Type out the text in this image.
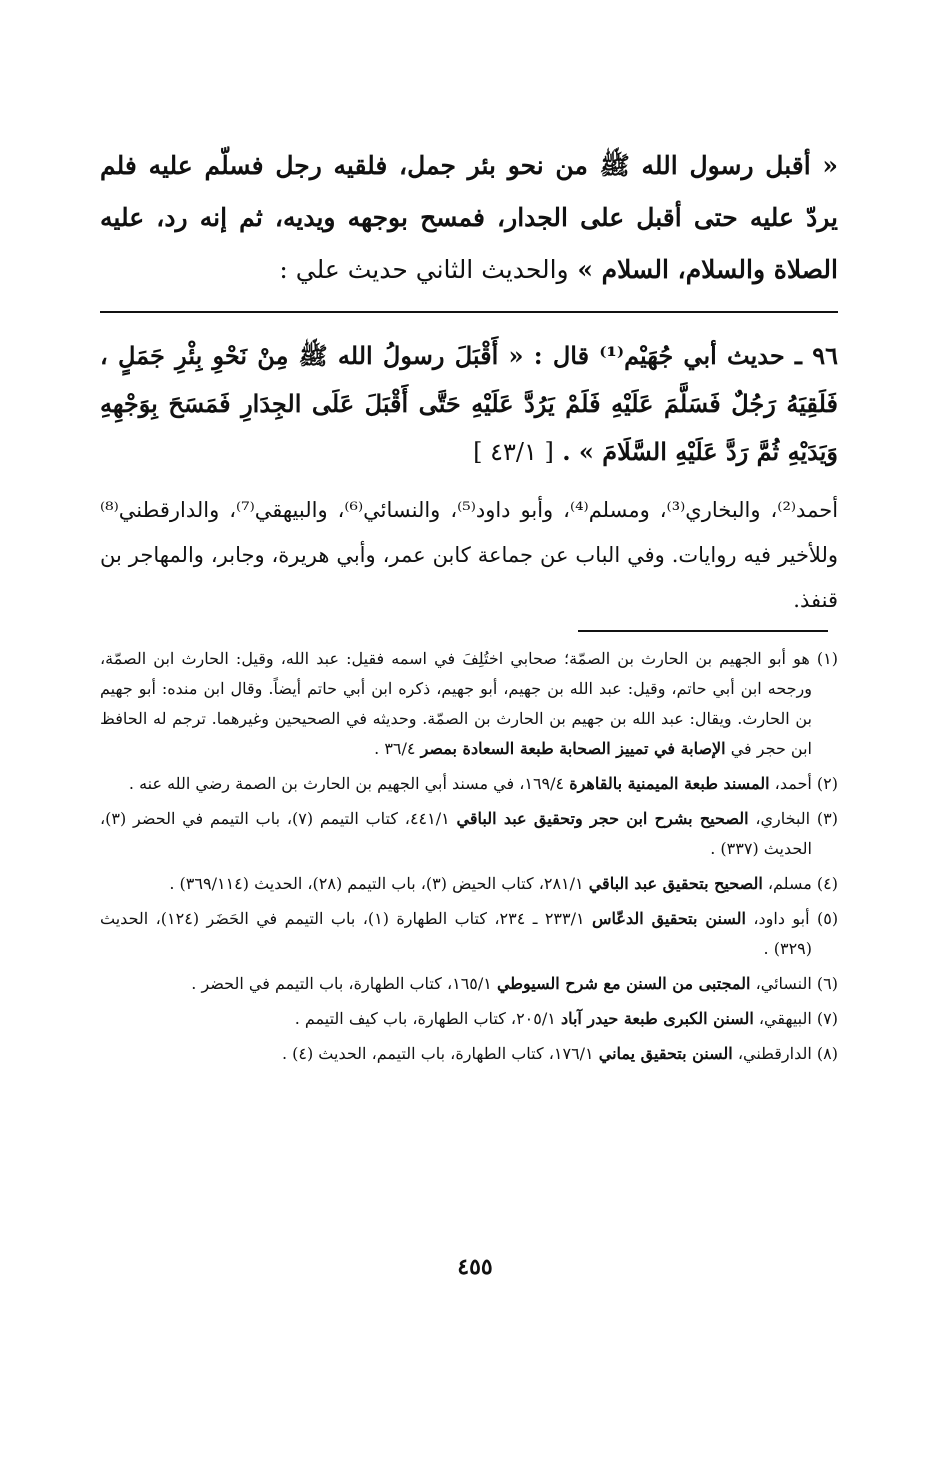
« أقبل رسول الله ﷺ من نحو بئر جمل، فلقيه رجل فسلّم عليه فلم يردّ عليه حتى أقبل على الجدار، فمسح بوجهه ويديه، ثم إنه رد، عليه الصلاة والسلام، السلام » والحديث الثاني حديث علي :
٩٦ ـ حديث أبي جُهَيْم⁽¹⁾ قال : « أَقْبَلَ رسولُ الله ﷺ مِنْ نَحْوِ بِئْرِ جَمَلٍ ، فَلَقِيَهُ رَجُلٌ فَسَلَّمَ عَلَيْهِ فَلَمْ يَرُدَّ عَلَيْهِ حَتَّى أَقْبَلَ عَلَى الجِدَارِ فَمَسَحَ بِوَجْهِهِ وَيَدَيْهِ ثُمَّ رَدَّ عَلَيْهِ السَّلَامَ » . [ ٤٣/١ ]
أحمد⁽²⁾، والبخاري⁽³⁾، ومسلم⁽⁴⁾، وأبو داود⁽⁵⁾، والنسائي⁽⁶⁾، والبيهقي⁽⁷⁾، والدارقطني⁽⁸⁾ وللأخير فيه روايات. وفي الباب عن جماعة كابن عمر، وأبي هريرة، وجابر، والمهاجر بن قنفذ.

(١) هو أبو الجهيم بن الحارث بن الصمّة؛ صحابي اختُلِفَ في اسمه فقيل: عبد الله، وقيل: الحارث ابن الصمّة، ورجحه ابن أبي حاتم، وقيل: عبد الله بن جهيم، أبو جهيم، ذكره ابن أبي حاتم أيضاً. وقال ابن منده: أبو جهيم بن الحارث. ويقال: عبد الله بن جهيم بن الحارث بن الصمّة. وحديثه في الصحيحين وغيرهما. ترجم له الحافظ ابن حجر في الإصابة في تمييز الصحابة طبعة السعادة بمصر ٣٦/٤ .

(٢) أحمد، المسند طبعة الميمنية بالقاهرة ١٦٩/٤، في مسند أبي الجهيم بن الحارث بن الصمة رضي الله عنه .

(٣) البخاري، الصحيح بشرح ابن حجر وتحقيق عبد الباقي ٤٤١/١، كتاب التيمم (٧)، باب التيمم في الحضر (٣)، الحديث (٣٣٧) .

(٤) مسلم، الصحيح بتحقيق عبد الباقي ٢٨١/١، كتاب الحيض (٣)، باب التيمم (٢٨)، الحديث (٣٦٩/١١٤) .

(٥) أبو داود، السنن بتحقيق الدعّاس ٢٣٣/١ ـ ٢٣٤، كتاب الطهارة (١)، باب التيمم في الحَضَر (١٢٤)، الحديث (٣٢٩) .

(٦) النسائي، المجتبى من السنن مع شرح السيوطي ١٦٥/١، كتاب الطهارة، باب التيمم في الحضر .

(٧) البيهقي، السنن الكبرى طبعة حيدر آباد ٢٠٥/١، كتاب الطهارة، باب كيف التيمم .

(٨) الدارقطني، السنن بتحقيق يماني ١٧٦/١، كتاب الطهارة، باب التيمم، الحديث (٤) .

٤٥٥
